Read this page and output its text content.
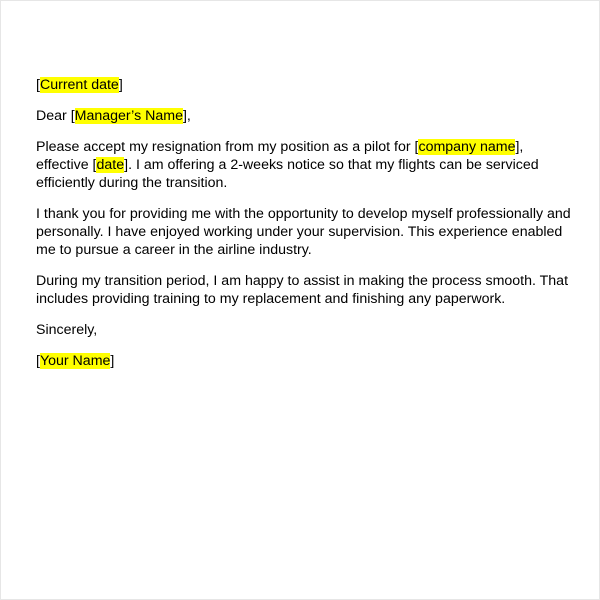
[Current date]

Dear [Manager’s Name],

Please accept my resignation from my position as a pilot for [company name], effective [date]. I am offering a 2-weeks notice so that my flights can be serviced efficiently during the transition.

I thank you for providing me with the opportunity to develop myself professionally and personally. I have enjoyed working under your supervision. This experience enabled me to pursue a career in the airline industry.

During my transition period, I am happy to assist in making the process smooth. That includes providing training to my replacement and finishing any paperwork.

Sincerely,

[Your Name]
